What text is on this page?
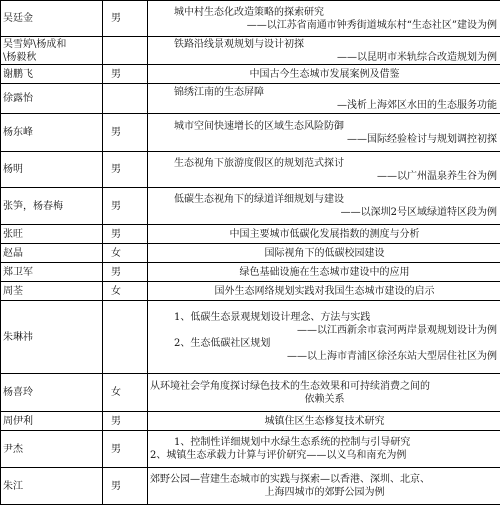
吴廷金	男	城中村生态化改造策略的探索研究
——以江苏省南通市钟秀街道城东村“生态社区”建设为例

吴雪婷\杨成和
\杨毅秋		铁路沿线景观规划与设计初探
——以昆明市米轨综合改造规划为例

谢鹏飞	男	中国古今生态城市发展案例及借鉴

徐露怡		锦绣江南的生态屏障
—浅析上海郊区水田的生态服务功能

杨东峰	男	城市空间快速增长的区域生态风险防御
——国际经验检讨与规划调控初探

杨明	男	生态视角下旅游度假区的规划范式探讨
——以广州温泉养生谷为例

张笋，杨春梅	男	低碳生态视角下的绿道详细规划与建设
——以深圳2号区域绿道特区段为例

张旺	男	中国主要城市低碳化发展指数的测度与分析

赵晶	女	国际视角下的低碳校园建设

郑卫军	男	绿色基础设施在生态城市建设中的应用

周荃	女	国外生态网络规划实践对我国生态城市建设的启示

朱琳祎		1、低碳生态景观规划设计理念、方法与实践
——以江西新余市袁河两岸景观规划设计为例
2、生态低碳社区规划
——以上海市青浦区徐泾东站大型居住社区为例

杨喜玲	女	从环境社会学角度探讨绿色技术的生态效果和可持续消费之间的
依赖关系

周伊利	男	城镇住区生态修复技术研究

尹杰	男	1、控制性详细规划中水绿生态系统的控制与引导研究
2、城镇生态承载力计算与评价研究——以义乌和南充为例

朱江	男	郊野公园—营建生态城市的实践与探索—以香港、深圳、北京、
上海四城市的郊野公园为例
